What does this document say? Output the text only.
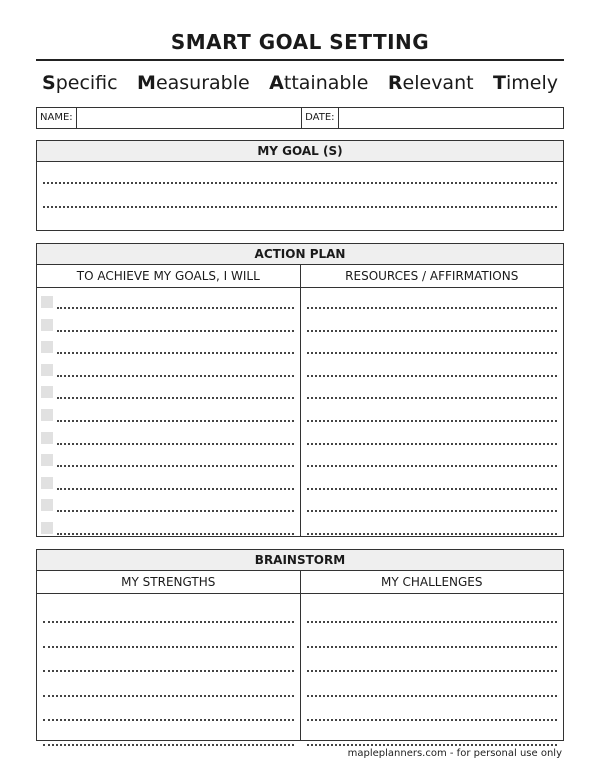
SMART GOAL SETTING
Specific Measurable Attainable Relevant Timely
NAME:	DATE:
MY GOAL (S)
ACTION PLAN
TO ACHIEVE MY GOALS, I WILL	RESOURCES / AFFIRMATIONS
BRAINSTORM
MY STRENGTHS	MY CHALLENGES
mapleplanners.com - for personal use only
